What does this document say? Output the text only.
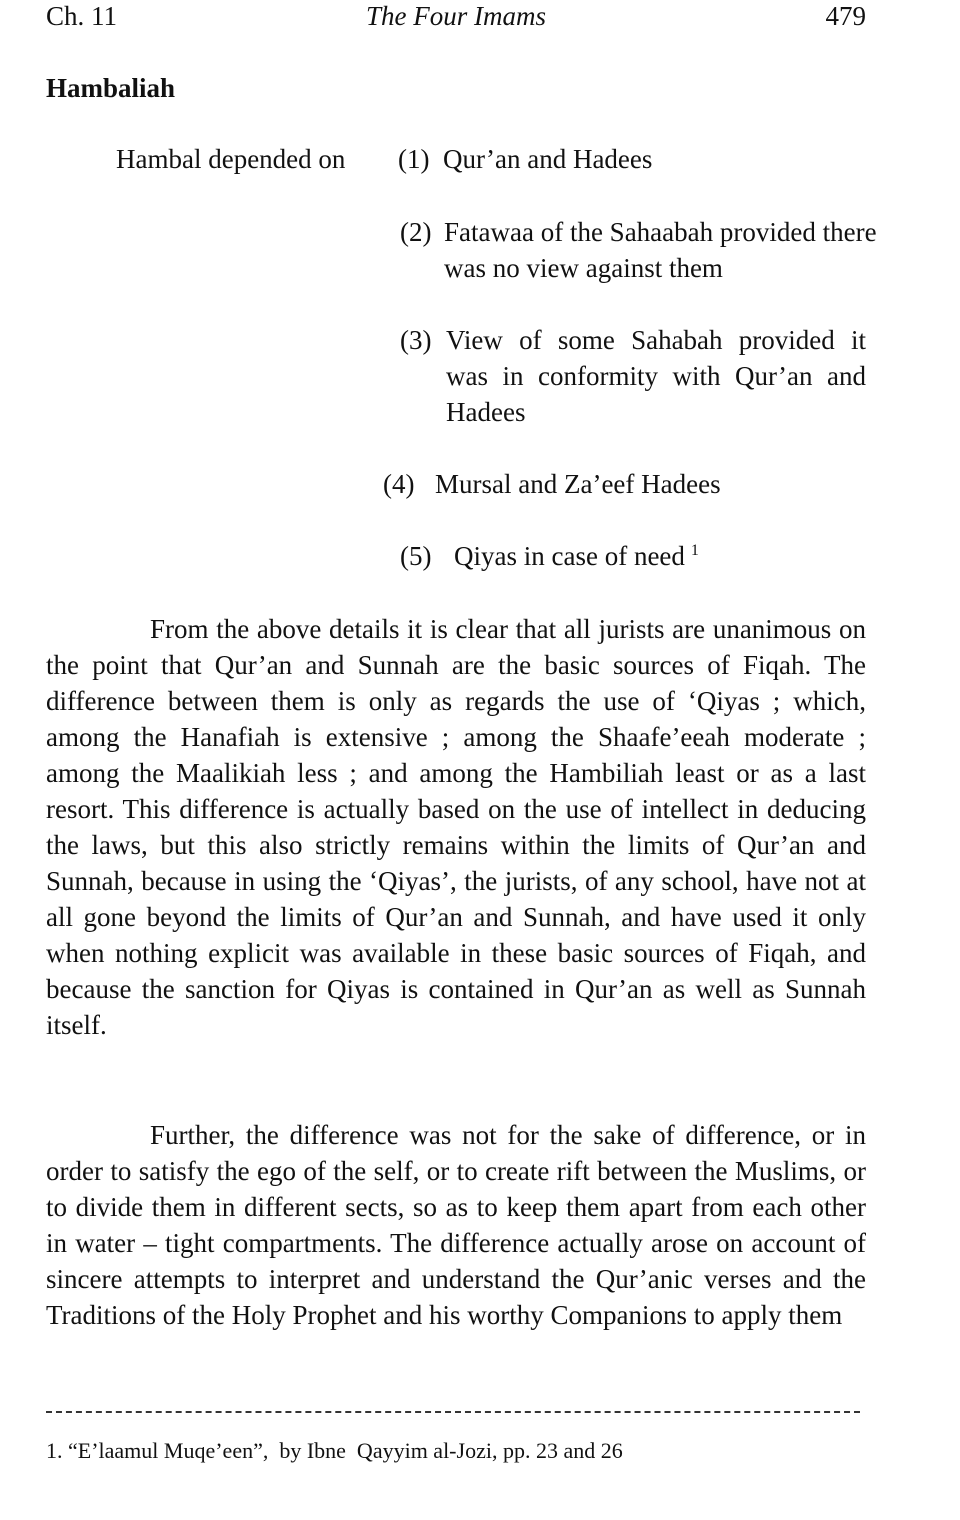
Ch. 11	The Four Imams	479
Hambaliah
Hambal depended on (1) Qur’an and Hadees
(2) Fatawaa of the Sahaabah provided there was no view against them
(3) View of some Sahabah provided it was in conformity with Qur’an and Hadees
(4) Mursal and Za’eef Hadees
(5) Qiyas in case of need $^1$

From the above details it is clear that all jurists are unanimous on the point that Qur’an and Sunnah are the basic sources of Fiqah. The difference between them is only as regards the use of ‘Qiyas ; which, among the Hanafiah is extensive ; among the Shaafe’eeah moderate ; among the Maalikiah less ; and among the Hambiliah least or as a last resort. This difference is actually based on the use of intellect in deducing the laws, but this also strictly remains within the limits of Qur’an and Sunnah, because in using the ‘Qiyas’, the jurists, of any school, have not at all gone beyond the limits of Qur’an and Sunnah, and have used it only when nothing explicit was available in these basic sources of Fiqah, and because the sanction for Qiyas is contained in Qur’an as well as Sunnah itself.

Further, the difference was not for the sake of difference, or in order to satisfy the ego of the self, or to create rift between the Muslims, or to divide them in different sects, so as to keep them apart from each other in water – tight compartments. The difference actually arose on account of sincere attempts to interpret and understand the Qur’anic verses and the Traditions of the Holy Prophet and his worthy Companions to apply them

1. “E’laamul Muqe’een”,  by Ibne  Qayyim al-Jozi, pp. 23 and 26
